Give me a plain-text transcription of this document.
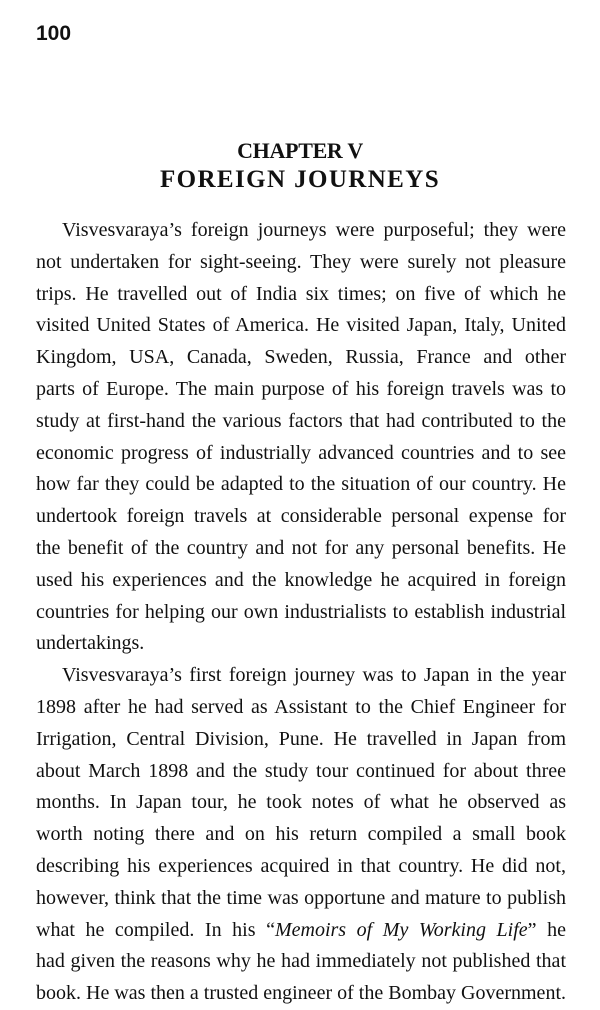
100
CHAPTER V
FOREIGN JOURNEYS
Visvesvaraya’s foreign journeys were purposeful; they were
not undertaken for sight-seeing. They were surely not pleasure
trips. He travelled out of India six times; on five of which he
visited United States of America. He visited Japan, Italy, United
Kingdom, USA, Canada, Sweden, Russia, France and other
parts of Europe. The main purpose of his foreign travels was to
study at first-hand the various factors that had contributed to the
economic progress of industrially advanced countries and to see
how far they could be adapted to the situation of our country. He
undertook foreign travels at considerable personal expense for
the benefit of the country and not for any personal benefits. He
used his experiences and the knowledge he acquired in foreign
countries for helping our own industrialists to establish industrial
undertakings.
Visvesvaraya’s first foreign journey was to Japan in the year
1898 after he had served as Assistant to the Chief Engineer for
Irrigation, Central Division, Pune. He travelled in Japan from
about March 1898 and the study tour continued for about three
months. In Japan tour, he took notes of what he observed as
worth noting there and on his return compiled a small book
describing his experiences acquired in that country. He did not,
however, think that the time was opportune and mature to publish
what he compiled. In his “Memoirs of My Working Life” he
had given the reasons why he had immediately not published that
book. He was then a trusted engineer of the Bombay Government.
